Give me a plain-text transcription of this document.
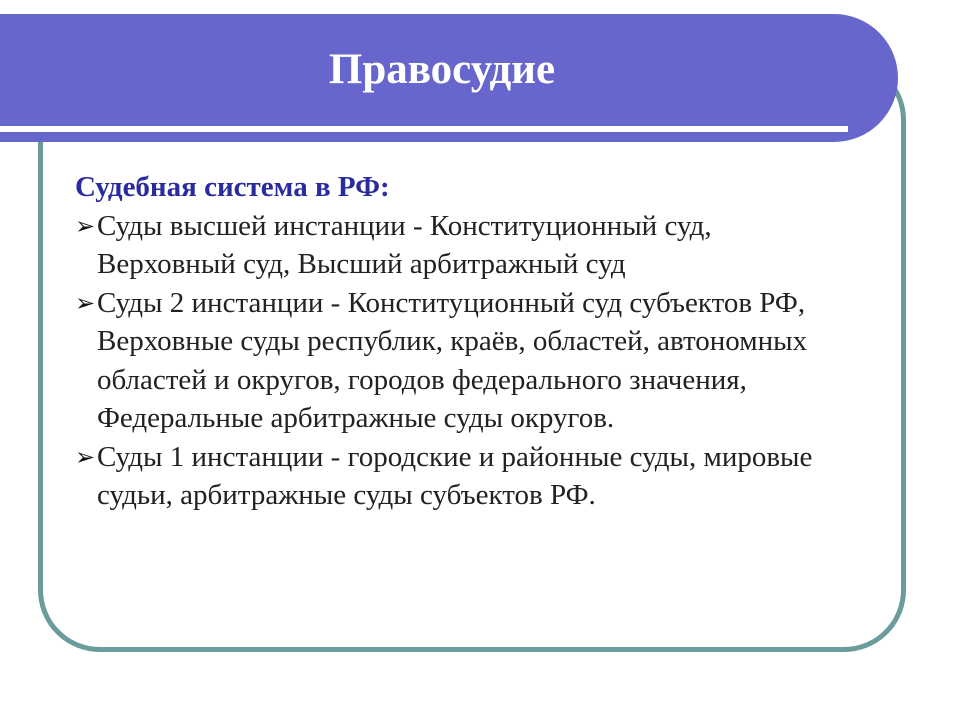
Правосудие

Судебная система в РФ:

➢ Суды высшей инстанции - Конституционный суд, Верховный суд, Высший арбитражный суд

➢ Суды 2 инстанции - Конституционный суд субъектов РФ, Верховные суды республик, краёв, областей, автономных областей и округов, городов федерального значения, Федеральные арбитражные суды округов.

➢ Суды 1 инстанции - городские и районные суды, мировые судьи, арбитражные суды субъектов РФ.
